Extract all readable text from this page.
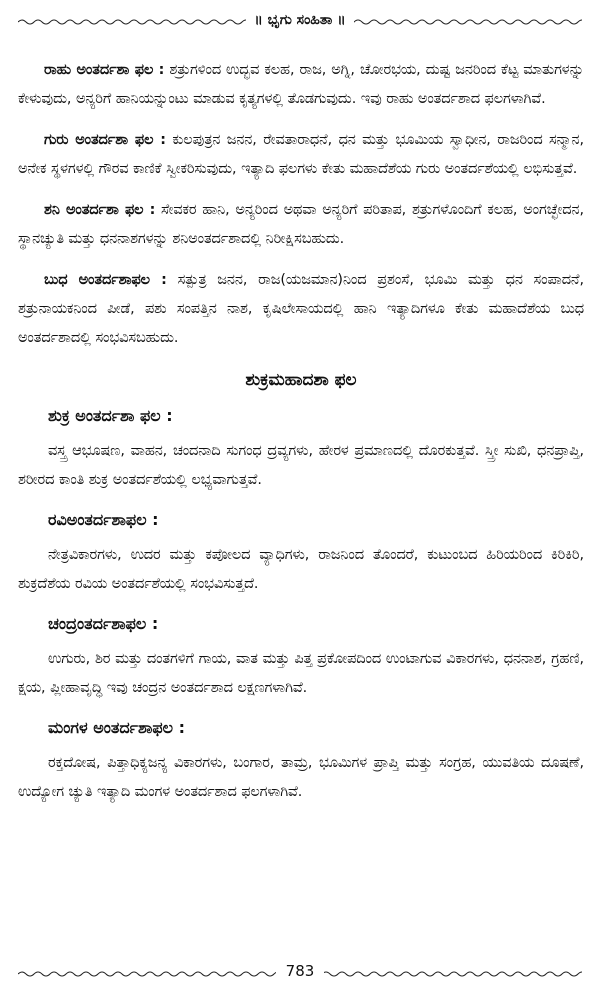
॥ ಭೃಗು ಸಂಹಿತಾ ॥

ರಾಹು ಅಂತರ್ದಶಾ ಫಲ : ಶತ್ರುಗಳಿಂದ ಉದ್ಭವ ಕಲಹ, ರಾಜ, ಅಗ್ನಿ, ಚೋರಭಯ, ದುಷ್ಟ ಜನರಿಂದ ಕೆಟ್ಟ ಮಾತುಗಳನ್ನು ಕೇಳುವುದು, ಅನ್ಯರಿಗೆ ಹಾನಿಯನ್ನುಂಟು ಮಾಡುವ ಕೃತ್ಯಗಳಲ್ಲಿ ತೊಡಗುವುದು. ಇವು ರಾಹು ಅಂತರ್ದಶಾದ ಫಲಗಳಾಗಿವೆ.

ಗುರು ಅಂತರ್ದಶಾ ಫಲ : ಕುಲಪುತ್ರನ ಜನನ, ರೇವತಾರಾಧನೆ, ಧನ ಮತ್ತು ಭೂಮಿಯ ಸ್ವಾಧೀನ, ರಾಜರಿಂದ ಸನ್ಮಾನ, ಅನೇಕ ಸ್ಥಳಗಳಲ್ಲಿ ಗೌರವ ಕಾಣಿಕೆ ಸ್ವೀಕರಿಸುವುದು, ಇತ್ಯಾದಿ ಫಲಗಳು ಕೇತು ಮಹಾದೆಶೆಯ ಗುರು ಅಂತರ್ದಶೆಯಲ್ಲಿ ಲಭಿಸುತ್ತವೆ.

ಶನಿ ಅಂತರ್ದಶಾ ಫಲ : ಸೇವಕರ ಹಾನಿ, ಅನ್ಯರಿಂದ ಅಥವಾ ಅನ್ಯರಿಗೆ ಪರಿತಾಪ, ಶತ್ರುಗಳೊಂದಿಗೆ ಕಲಹ, ಅಂಗಚ್ಛೇದನ, ಸ್ಥಾನಚ್ಯುತಿ ಮತ್ತು ಧನನಾಶಗಳನ್ನು ಶನಿಅಂತರ್ದಶಾದಲ್ಲಿ ನಿರೀಕ್ಷಿಸಬಹುದು.

ಬುಧ ಅಂತರ್ದಶಾಫಲ : ಸತ್ಪುತ್ರ ಜನನ, ರಾಜ(ಯಜಮಾನ)ನಿಂದ ಪ್ರಶಂಸೆ, ಭೂಮಿ ಮತ್ತು ಧನ ಸಂಪಾದನೆ, ಶತ್ರುನಾಯಕನಿಂದ ಪೀಡೆ, ಪಶು ಸಂಪತ್ತಿನ ನಾಶ, ಕೃಷಿಲೇಸಾಯದಲ್ಲಿ ಹಾನಿ ಇತ್ಯಾದಿಗಳೂ ಕೇತು ಮಹಾದೆಶೆಯ ಬುಧ ಅಂತರ್ದಶಾದಲ್ಲಿ ಸಂಭವಿಸಬಹುದು.

ಶುಕ್ರಮಹಾದಶಾ ಫಲ
ಶುಕ್ರ ಅಂತರ್ದಶಾ ಫಲ :

ವಸ್ತ್ರ ಆಭೂಷಣ, ವಾಹನ, ಚಂದನಾದಿ ಸುಗಂಧ ದ್ರವ್ಯಗಳು, ಹೇರಳ ಪ್ರಮಾಣದಲ್ಲಿ ದೊರಕುತ್ತವೆ. ಸ್ತ್ರೀ ಸುಖಿ, ಧನಪ್ರಾಪ್ತಿ, ಶರೀರದ ಕಾಂತಿ ಶುಕ್ರ ಅಂತರ್ದಶೆಯಲ್ಲಿ ಲಭ್ಯವಾಗುತ್ತವೆ.

ರವಿಅಂತರ್ದಶಾಫಲ :

ನೇತ್ರವಿಕಾರಗಳು, ಉದರ ಮತ್ತು ಕಪೋಲದ ವ್ಯಾಧಿಗಳು, ರಾಜನಿಂದ ತೊಂದರೆ, ಕುಟುಂಬದ ಹಿರಿಯರಿಂದ ಕಿರಿಕಿರಿ, ಶುಕ್ರದೆಶೆಯ ರವಿಯ ಅಂತರ್ದಶೆಯಲ್ಲಿ ಸಂಭವಿಸುತ್ತದೆ.

ಚಂದ್ರಂತರ್ದಶಾಫಲ :

ಉಗುರು, ಶಿರ ಮತ್ತು ದಂತಗಳಿಗೆ ಗಾಯ, ವಾತ ಮತ್ತು ಪಿತ್ತ ಪ್ರಕೋಪದಿಂದ ಉಂಟಾಗುವ ವಿಕಾರಗಳು, ಧನನಾಶ, ಗ್ರಹಣಿ, ಕ್ಷಯ, ಪ್ಲೀಹಾವೃದ್ಧಿ ಇವು ಚಂದ್ರನ ಅಂತರ್ದಶಾದ ಲಕ್ಷಣಗಳಾಗಿವೆ.

ಮಂಗಳ ಅಂತರ್ದಶಾಫಲ :

ರಕ್ತದೋಷ, ಪಿತ್ತಾಧಿಕ್ಯಜನ್ಯ ವಿಕಾರಗಳು, ಬಂಗಾರ, ತಾಮ್ರ, ಭೂಮಿಗಳ ಪ್ರಾಪ್ತಿ ಮತ್ತು ಸಂಗ್ರಹ, ಯುವತಿಯ ದೂಷಣೆ, ಉದ್ಯೋಗ ಚ್ಯುತಿ ಇತ್ಯಾದಿ ಮಂಗಳ ಅಂತರ್ದಶಾದ ಫಲಗಳಾಗಿವೆ.

783
